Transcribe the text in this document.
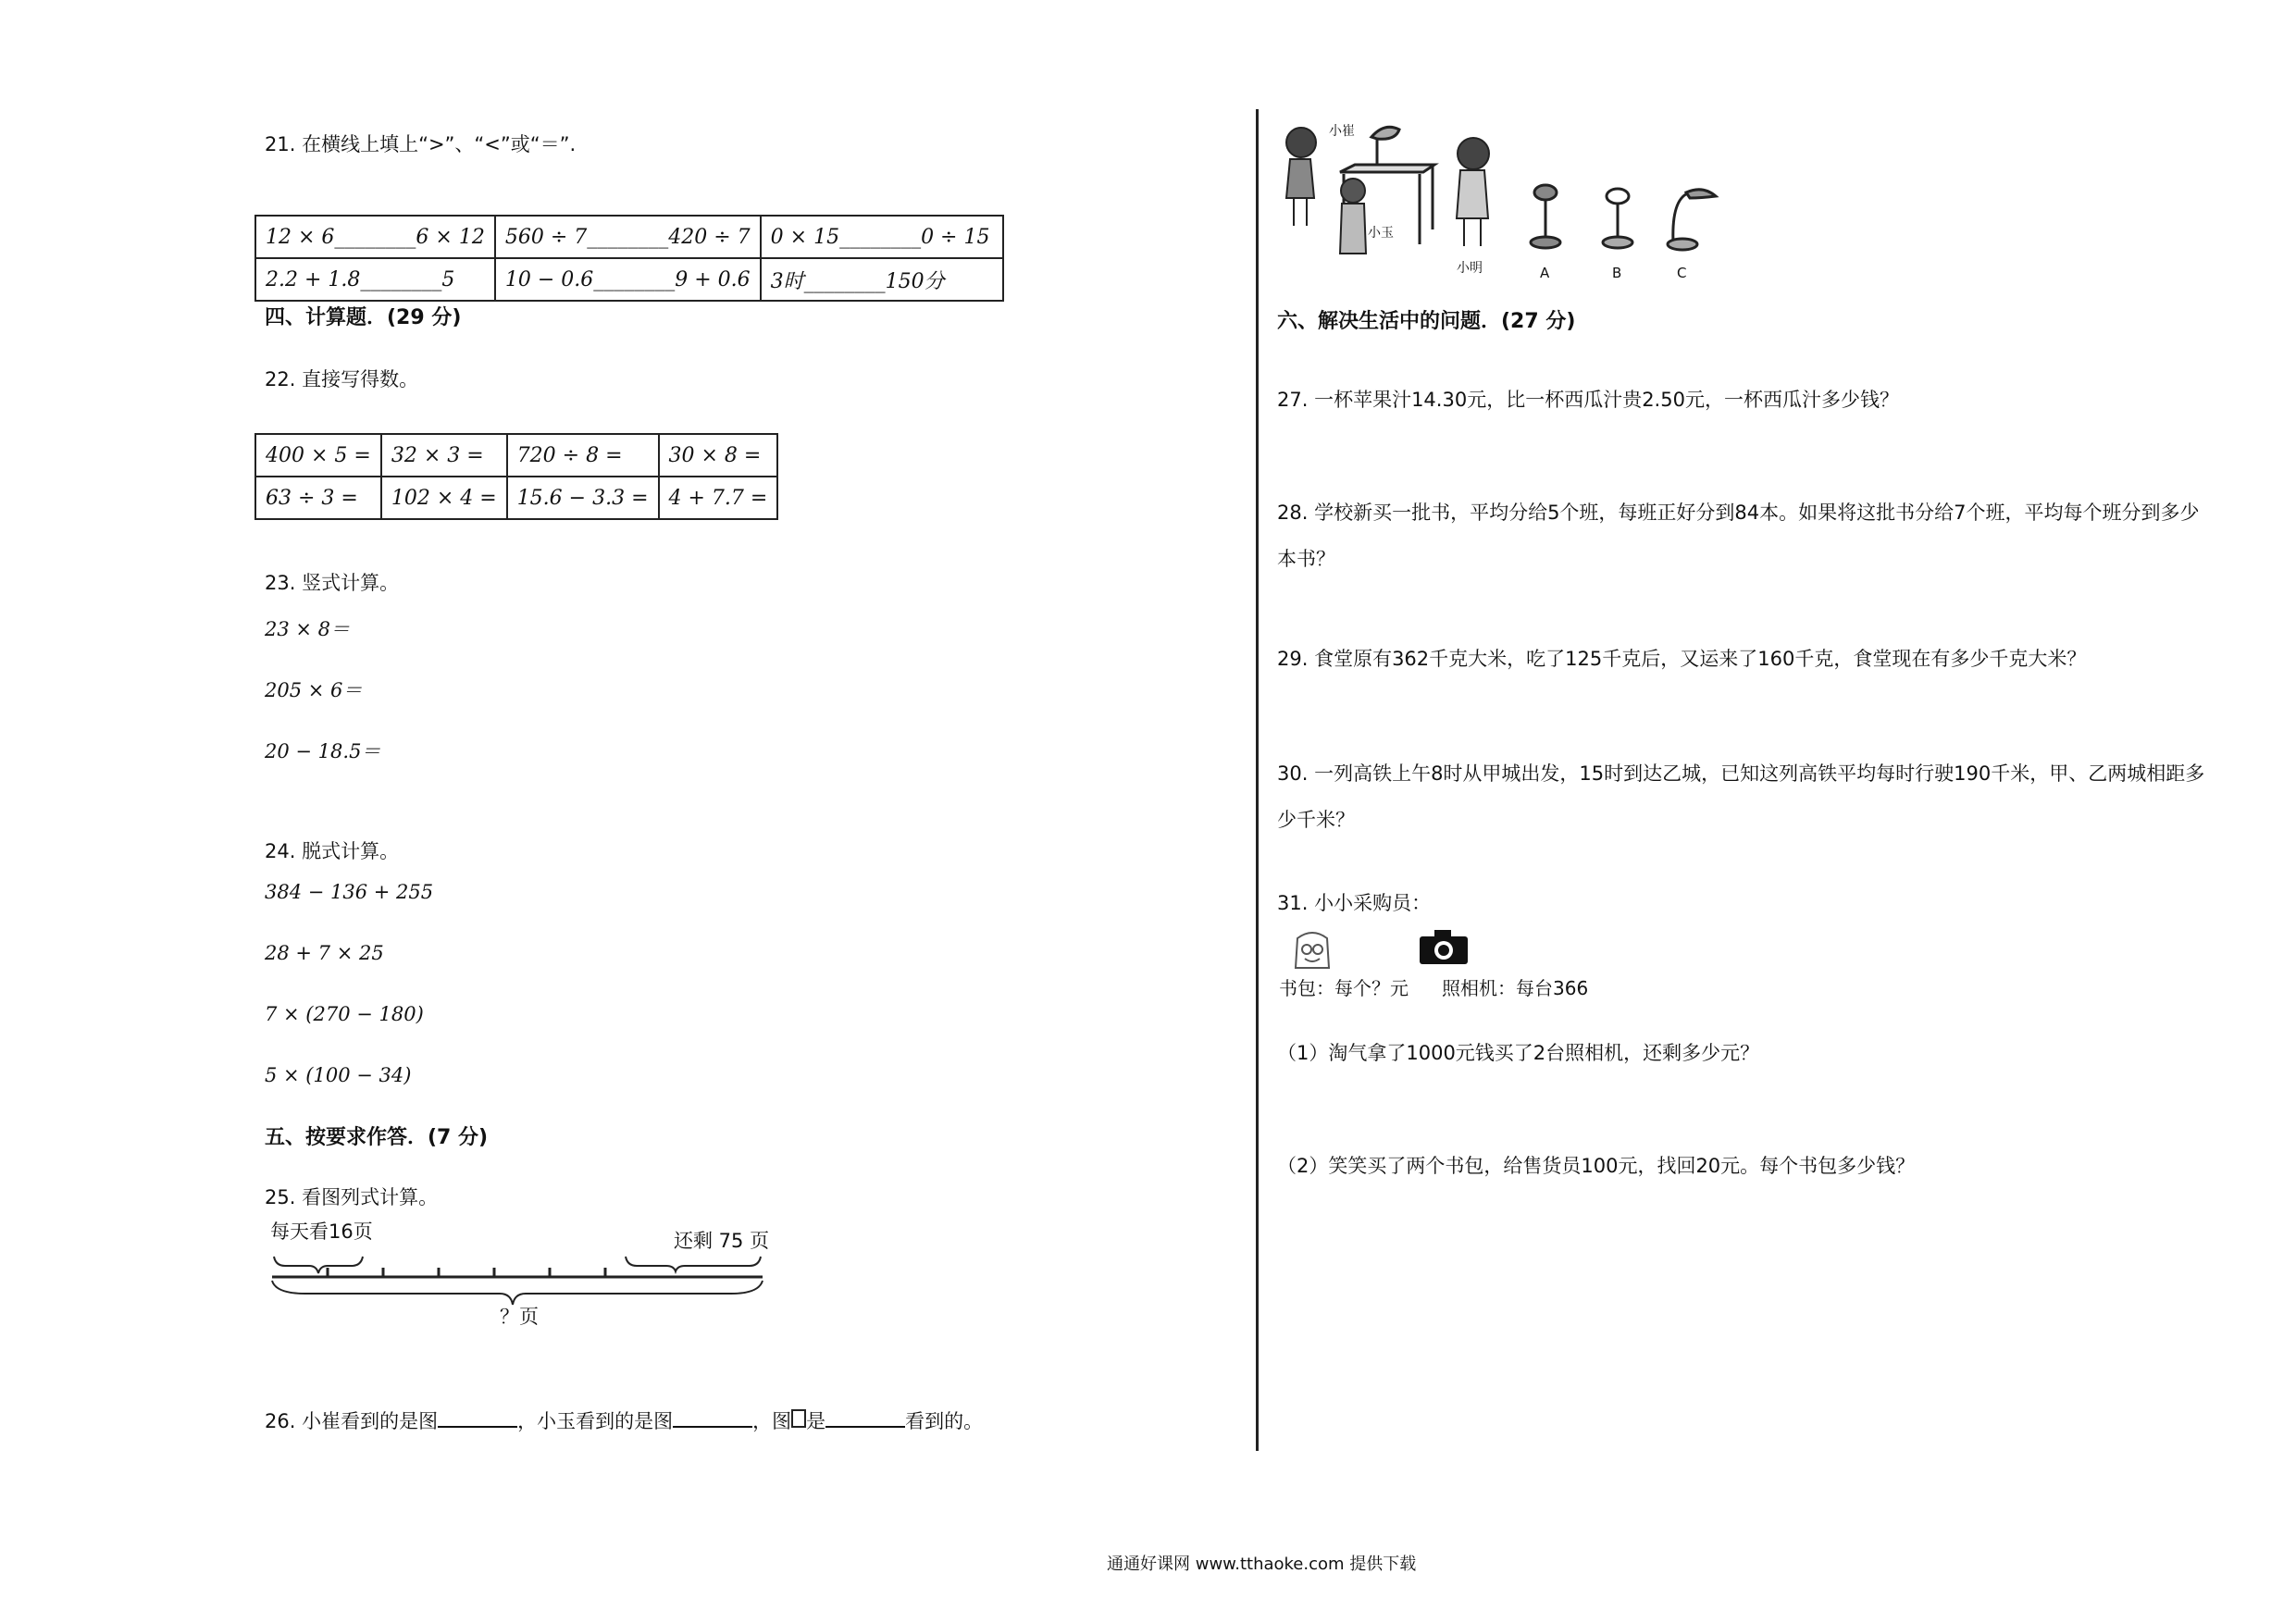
21. 在横线上填上“>”、“<”或“＝”.
12 × 6________6 × 12	560 ÷ 7________420 ÷ 7	0 × 15________0 ÷ 15
2.2 + 1.8________5	10 − 0.6________9 + 0.6	3时________150分
四、计算题．(29 分)
22. 直接写得数。
400 × 5 =	32 × 3 =	720 ÷ 8 =	30 × 8 =
63 ÷ 3 =	102 × 4 =	15.6 − 3.3 =	4 + 7.7 =
23. 竖式计算。
23 × 8＝
205 × 6＝
20 − 18.5＝
24. 脱式计算。
384 − 136 + 255
28 + 7 × 25
7 × (270 − 180)
5 × (100 − 34)
五、按要求作答．(7 分)
25. 看图列式计算。
每天看16页	还剩 75 页
？页
26. 小崔看到的是图	，小玉看到的是图	，图 是	看到的。
小崔
小玉
小明	A	B	C
六、解决生活中的问题．(27 分)
27. 一杯苹果汁14.30元，比一杯西瓜汁贵2.50元，一杯西瓜汁多少钱？
28. 学校新买一批书，平均分给5个班，每班正好分到84本。如果将这批书分给7个班，平均每个班分到多少
本书？
29. 食堂原有362千克大米，吃了125千克后，又运来了160千克，食堂现在有多少千克大米？
30. 一列高铁上午8时从甲城出发，15时到达乙城，已知这列高铁平均每时行驶190千米，甲、乙两城相距多
少千米？
31. 小小采购员：
书包：每个？元 照相机：每台366
（1）淘气拿了1000元钱买了2台照相机，还剩多少元？
（2）笑笑买了两个书包，给售货员100元，找回20元。每个书包多少钱？
通通好课网 www.tthaoke.com 提供下载
